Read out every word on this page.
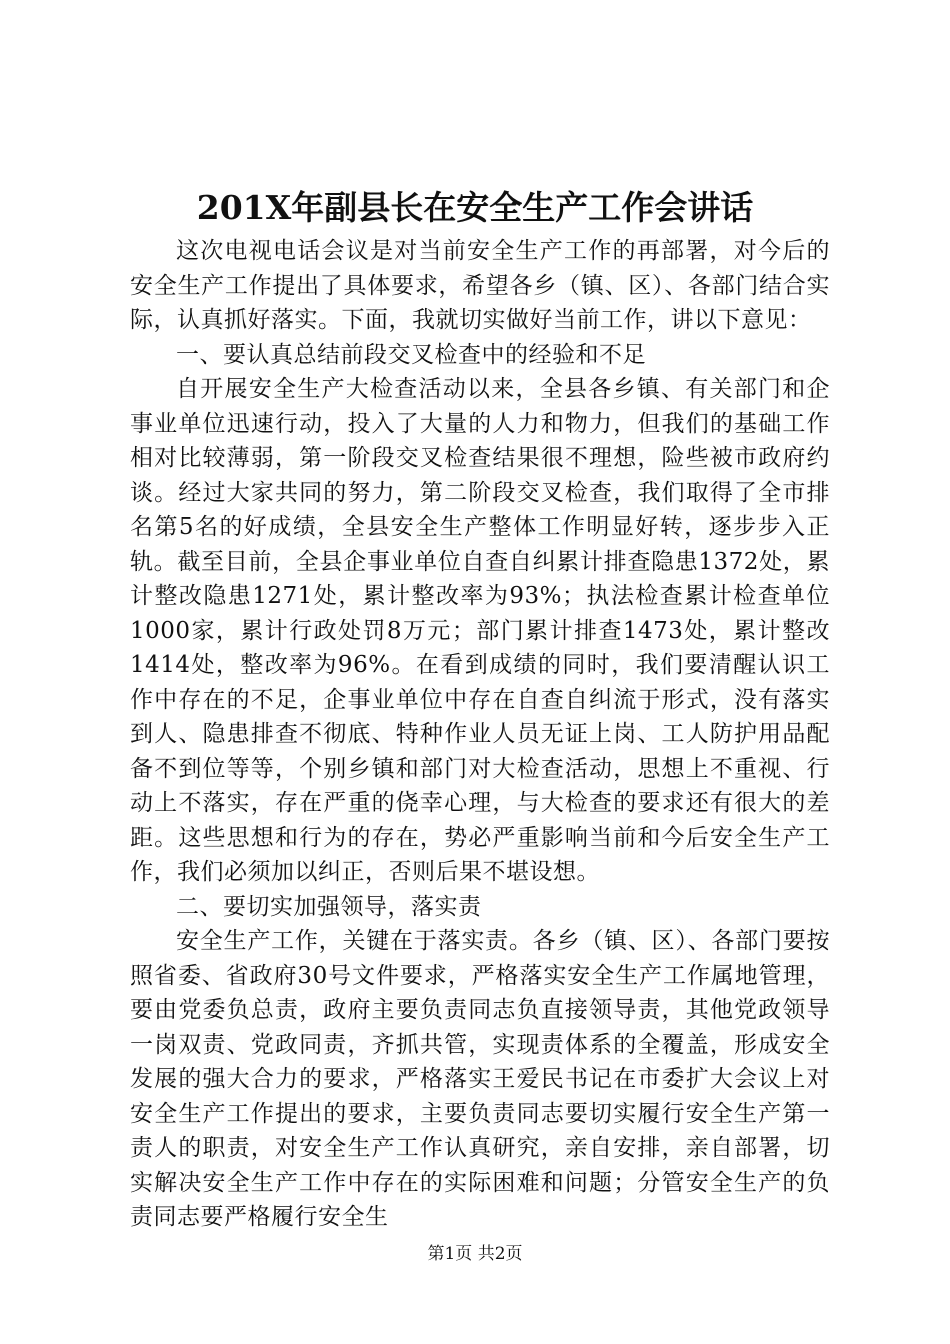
201X年副县长在安全生产工作会讲话

这次电视电话会议是对当前安全生产工作的再部署，对今后的安全生产工作提出了具体要求，希望各乡（镇、区）、各部门结合实际，认真抓好落实。下面，我就切实做好当前工作，讲以下意见：

一、要认真总结前段交叉检查中的经验和不足

自开展安全生产大检查活动以来，全县各乡镇、有关部门和企事业单位迅速行动，投入了大量的人力和物力，但我们的基础工作相对比较薄弱，第一阶段交叉检查结果很不理想，险些被市政府约谈。经过大家共同的努力，第二阶段交叉检查，我们取得了全市排名第5名的好成绩，全县安全生产整体工作明显好转，逐步步入正轨。截至目前，全县企事业单位自查自纠累计排查隐患1372处，累计整改隐患1271处，累计整改率为93%；执法检查累计检查单位1000家，累计行政处罚8万元；部门累计排查1473处，累计整改1414处，整改率为96%。在看到成绩的同时，我们要清醒认识工作中存在的不足，企事业单位中存在自查自纠流于形式，没有落实到人、隐患排查不彻底、特种作业人员无证上岗、工人防护用品配备不到位等等，个别乡镇和部门对大检查活动，思想上不重视、行动上不落实，存在严重的侥幸心理，与大检查的要求还有很大的差距。这些思想和行为的存在，势必严重影响当前和今后安全生产工作，我们必须加以纠正，否则后果不堪设想。

二、要切实加强领导，落实责

安全生产工作，关键在于落实责。各乡（镇、区）、各部门要按照省委、省政府30号文件要求，严格落实安全生产工作属地管理，要由党委负总责，政府主要负责同志负直接领导责，其他党政领导一岗双责、党政同责，齐抓共管，实现责体系的全覆盖，形成安全发展的强大合力的要求，严格落实王爱民书记在市委扩大会议上对安全生产工作提出的要求，主要负责同志要切实履行安全生产第一责人的职责，对安全生产工作认真研究，亲自安排，亲自部署，切实解决安全生产工作中存在的实际困难和问题；分管安全生产的负责同志要严格履行安全生

第1页 共2页
